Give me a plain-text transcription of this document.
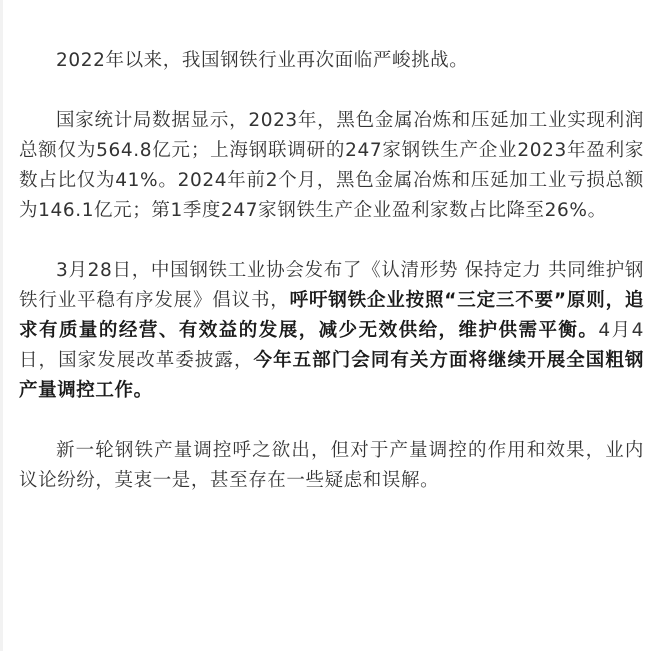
2022年以来，我国钢铁行业再次面临严峻挑战。

国家统计局数据显示，2023年，黑色金属冶炼和压延加工业实现利润总额仅为564.8亿元；上海钢联调研的247家钢铁生产企业2023年盈利家数占比仅为41%。2024年前2个月，黑色金属冶炼和压延加工业亏损总额为146.1亿元；第1季度247家钢铁生产企业盈利家数占比降至26%。

3月28日，中国钢铁工业协会发布了《认清形势 保持定力 共同维护钢铁行业平稳有序发展》倡议书，呼吁钢铁企业按照“三定三不要”原则，追求有质量的经营、有效益的发展，减少无效供给，维护供需平衡。4月4日，国家发展改革委披露，今年五部门会同有关方面将继续开展全国粗钢产量调控工作。

新一轮钢铁产量调控呼之欲出，但对于产量调控的作用和效果，业内议论纷纷，莫衷一是，甚至存在一些疑虑和误解。
